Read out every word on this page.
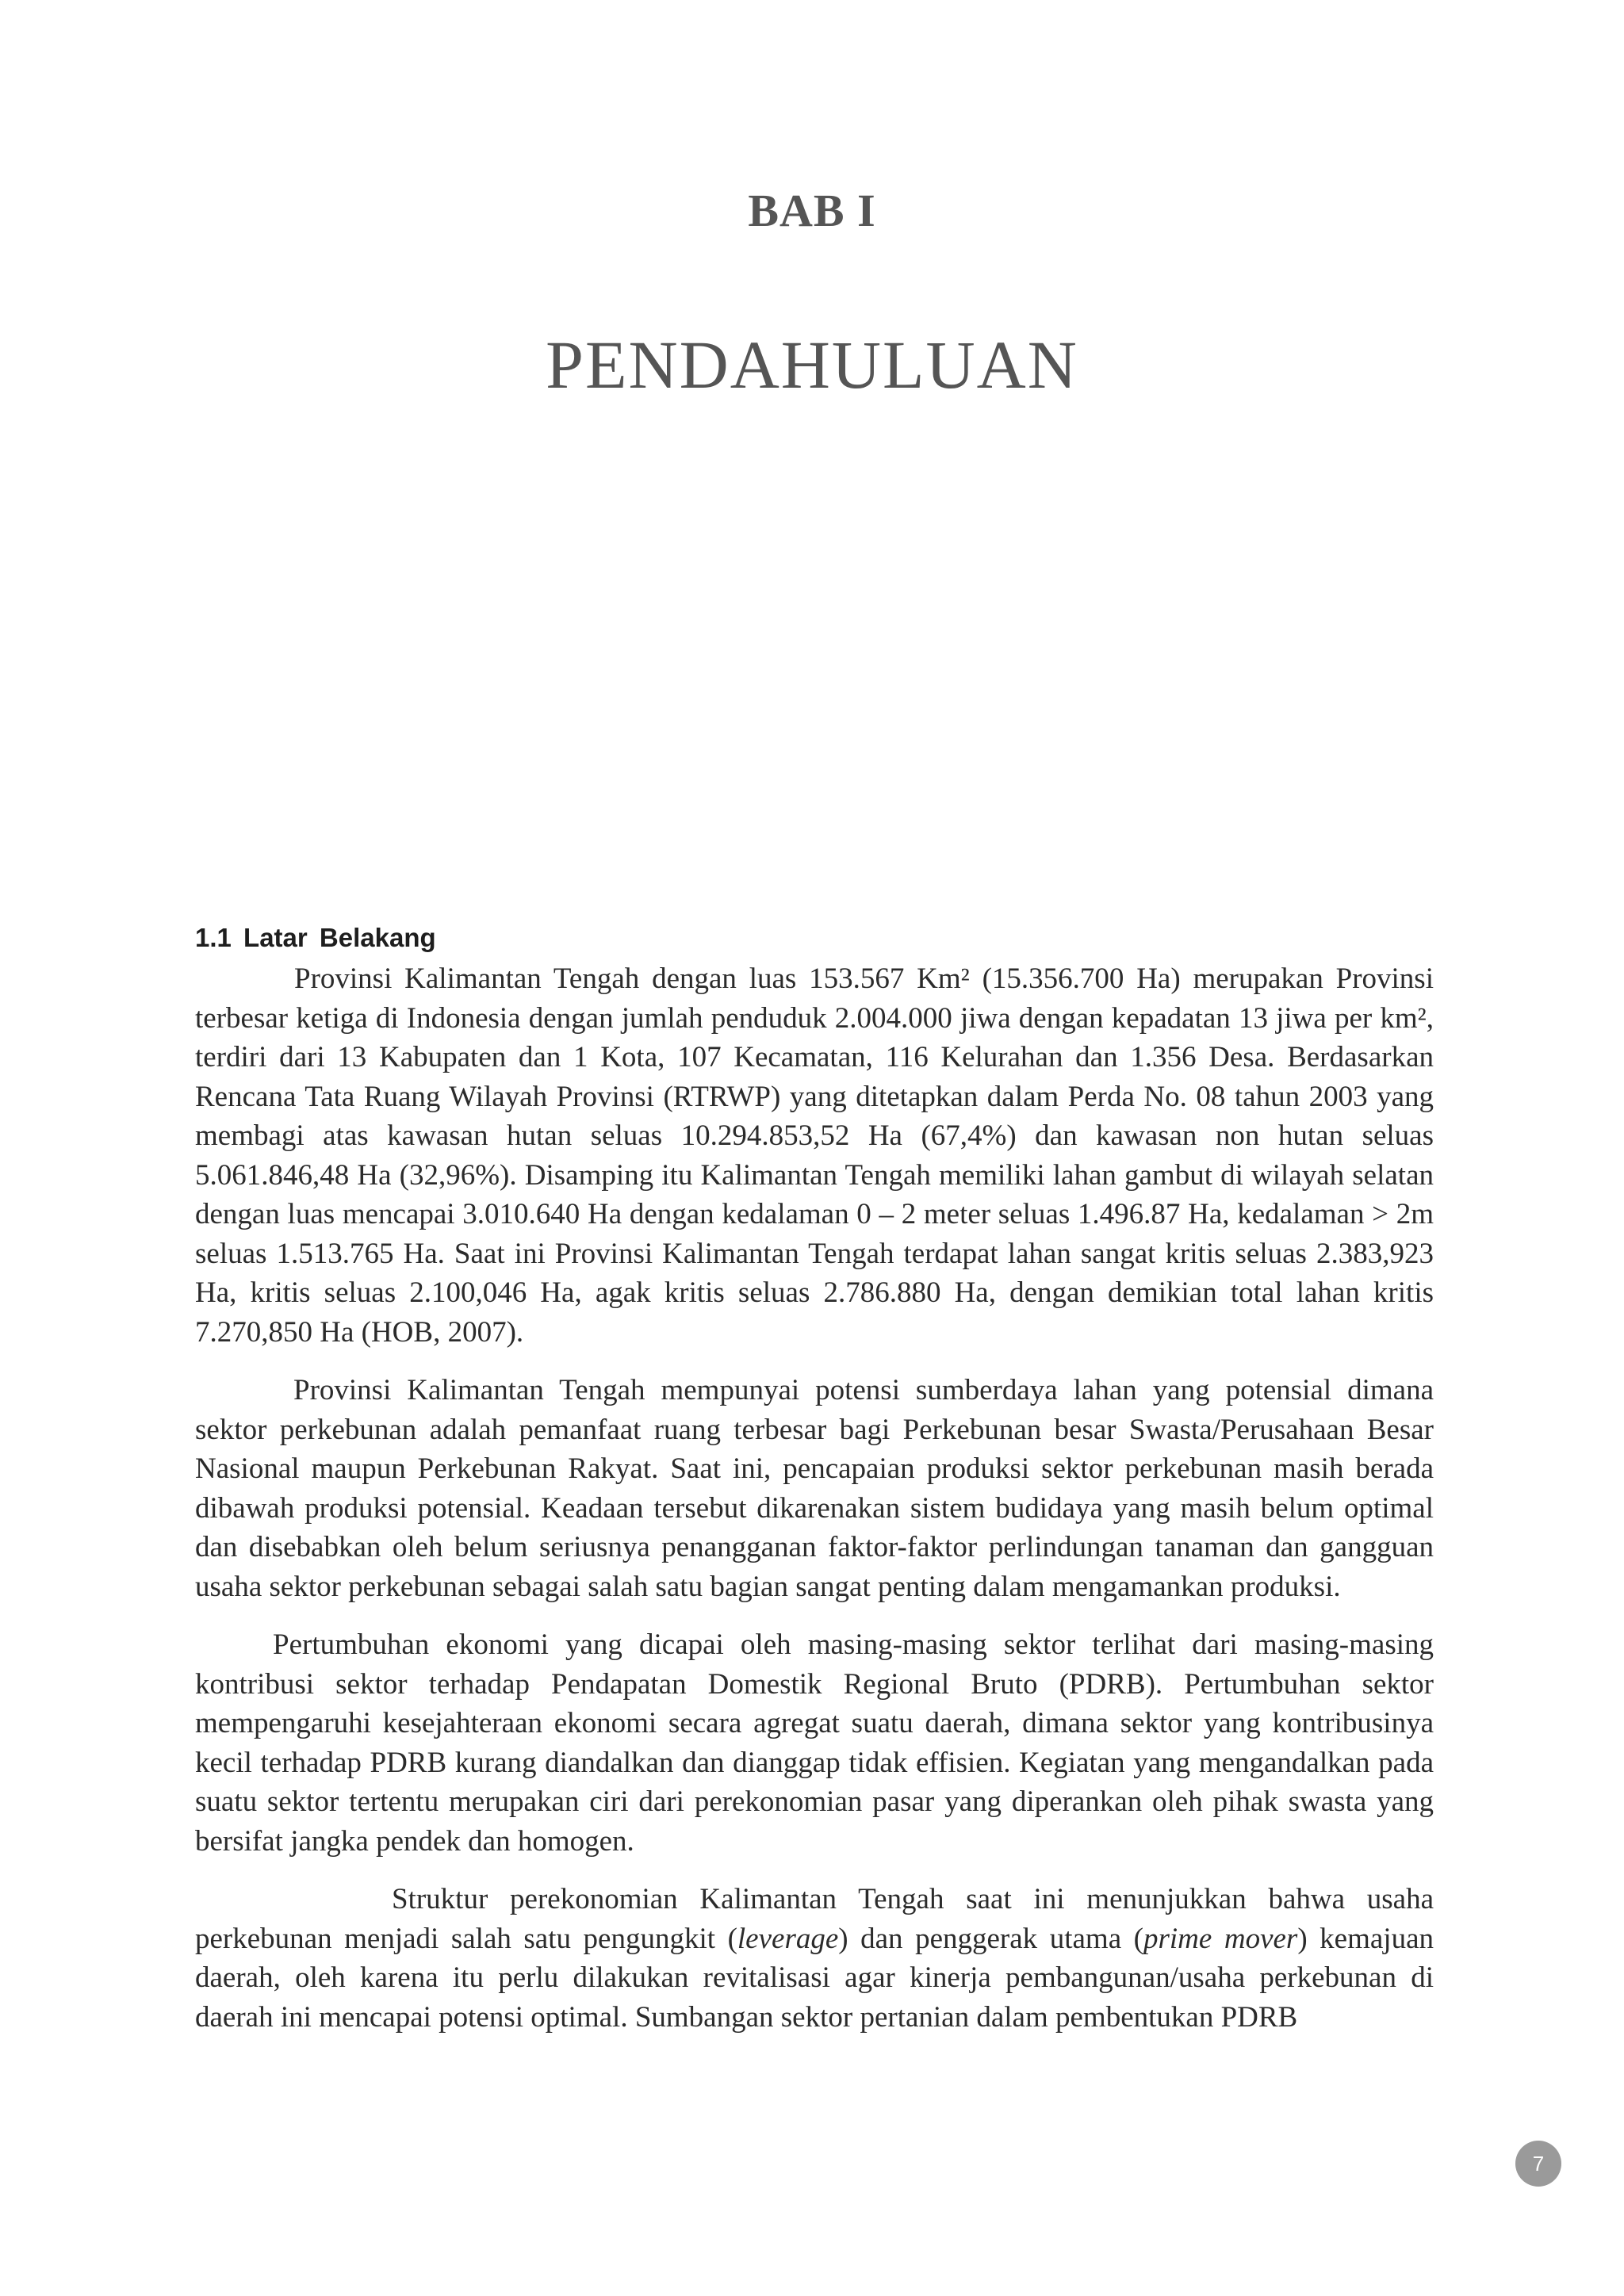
BAB I
PENDAHULUAN
1.1 Latar Belakang

Provinsi Kalimantan Tengah dengan luas 153.567 Km² (15.356.700 Ha) merupakan Provinsi terbesar ketiga di Indonesia dengan jumlah penduduk 2.004.000 jiwa dengan kepadatan 13 jiwa per km², terdiri dari 13 Kabupaten dan 1 Kota, 107 Kecamatan, 116 Kelurahan dan 1.356 Desa. Berdasarkan Rencana Tata Ruang Wilayah Provinsi (RTRWP) yang ditetapkan dalam Perda No. 08 tahun 2003 yang membagi atas kawasan hutan seluas 10.294.853,52 Ha (67,4%) dan kawasan non hutan seluas 5.061.846,48 Ha (32,96%). Disamping itu Kalimantan Tengah memiliki lahan gambut di wilayah selatan dengan luas mencapai 3.010.640 Ha dengan kedalaman 0 – 2 meter seluas 1.496.87 Ha, kedalaman > 2m seluas 1.513.765 Ha. Saat ini Provinsi Kalimantan Tengah terdapat lahan sangat kritis seluas 2.383,923 Ha, kritis seluas 2.100,046 Ha, agak kritis seluas 2.786.880 Ha, dengan demikian total lahan kritis 7.270,850 Ha (HOB, 2007).

Provinsi Kalimantan Tengah mempunyai potensi sumberdaya lahan yang potensial dimana sektor perkebunan adalah pemanfaat ruang terbesar bagi Perkebunan besar Swasta/Perusahaan Besar Nasional maupun Perkebunan Rakyat. Saat ini, pencapaian produksi sektor perkebunan masih berada dibawah produksi potensial. Keadaan tersebut dikarenakan sistem budidaya yang masih belum optimal dan disebabkan oleh belum seriusnya penangganan faktor-faktor perlindungan tanaman dan gangguan usaha sektor perkebunan sebagai salah satu bagian sangat penting dalam mengamankan produksi.

Pertumbuhan ekonomi yang dicapai oleh masing-masing sektor terlihat dari masing-masing kontribusi sektor terhadap Pendapatan Domestik Regional Bruto (PDRB). Pertumbuhan sektor mempengaruhi kesejahteraan ekonomi secara agregat suatu daerah, dimana sektor yang kontribusinya kecil terhadap PDRB kurang diandalkan dan dianggap tidak effisien. Kegiatan yang mengandalkan pada suatu sektor tertentu merupakan ciri dari perekonomian pasar yang diperankan oleh pihak swasta yang bersifat jangka pendek dan homogen.

Struktur perekonomian Kalimantan Tengah saat ini menunjukkan bahwa usaha perkebunan menjadi salah satu pengungkit (leverage) dan penggerak utama (prime mover) kemajuan daerah, oleh karena itu perlu dilakukan revitalisasi agar kinerja pembangunan/usaha perkebunan di daerah ini mencapai potensi optimal. Sumbangan sektor pertanian dalam pembentukan PDRB

7
